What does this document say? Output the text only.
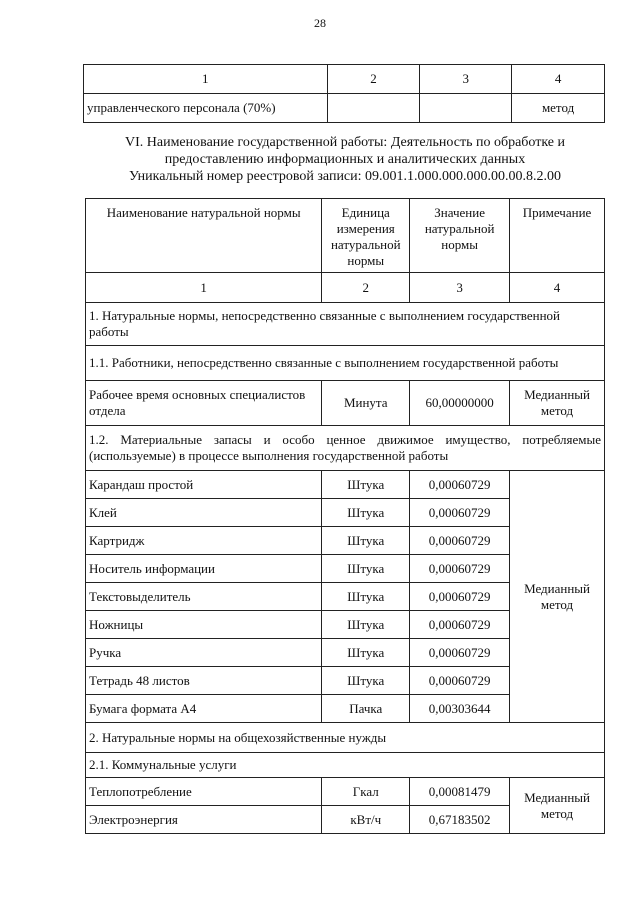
28
1	2	3	4
управленческого персонала (70%)			метод
VI. Наименование государственной работы: Деятельность по обработке и
предоставлению информационных и аналитических данных
Уникальный номер реестровой записи: 09.001.1.000.000.000.00.00.8.2.00
Наименование натуральной нормы	Единица измерения натуральной нормы	Значение натуральной нормы	Примечание
1	2	3	4
1. Натуральные нормы, непосредственно связанные с выполнением государственной работы			
1.1. Работники, непосредственно связанные с выполнением государственной работы			
Рабочее время основных специалистов отдела	Минута	60,00000000	Медианный метод
1.2. Материальные запасы и особо ценное движимое имущество, потребляемые (используемые) в процессе выполнения государственной работы			
Карандаш простой	Штука	0,00060729	Медианный метод
Клей	Штука	0,00060729	
Картридж	Штука	0,00060729	
Носитель информации	Штука	0,00060729	
Текстовыделитель	Штука	0,00060729	
Ножницы	Штука	0,00060729	
Ручка	Штука	0,00060729	
Тетрадь 48 листов	Штука	0,00060729	
Бумага формата А4	Пачка	0,00303644	
2. Натуральные нормы на общехозяйственные нужды			
2.1. Коммунальные услуги			
Теплопотребление	Гкал	0,00081479	Медианный метод
Электроэнергия	кВт/ч	0,67183502	
